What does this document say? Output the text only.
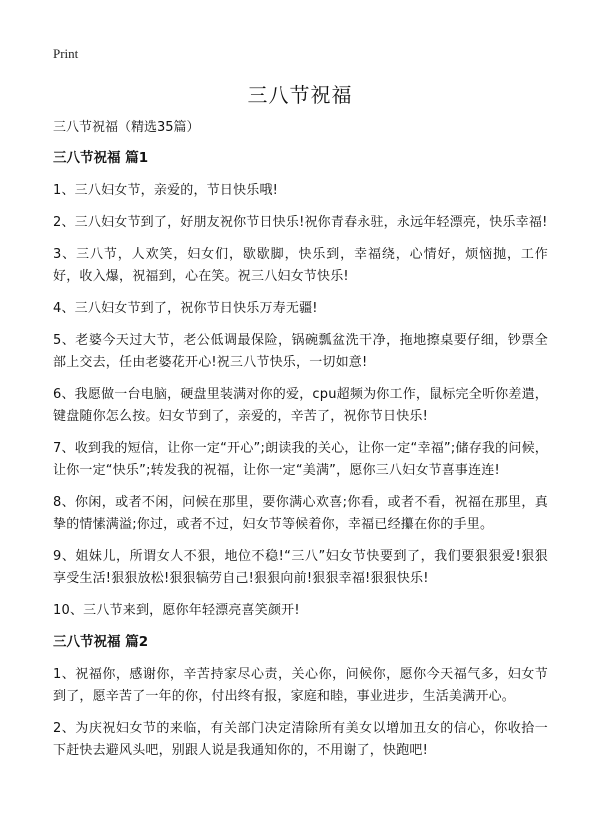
Print
三八节祝福

三八节祝福（精选35篇）

三八节祝福 篇1

1、三八妇女节，亲爱的，节日快乐哦!

2、三八妇女节到了，好朋友祝你节日快乐!祝你青春永驻，永远年轻漂亮，快乐幸福!

3、三八节，人欢笑，妇女们，歇歇脚，快乐到，幸福绕，心情好，烦恼抛，工作好，收入爆，祝福到，心在笑。祝三八妇女节快乐!

4、三八妇女节到了，祝你节日快乐万寿无疆!

5、老婆今天过大节，老公低调最保险，锅碗瓢盆洗干净，拖地擦桌要仔细，钞票全部上交去，任由老婆花开心!祝三八节快乐，一切如意!

6、我愿做一台电脑，硬盘里装满对你的爱，cpu超频为你工作，鼠标完全听你差遣，键盘随你怎么按。妇女节到了，亲爱的，辛苦了，祝你节日快乐!

7、收到我的短信，让你一定“开心”;朗读我的关心，让你一定“幸福”;储存我的问候，让你一定“快乐”;转发我的祝福，让你一定“美满”，愿你三八妇女节喜事连连!

8、你闲，或者不闲，问候在那里，要你满心欢喜;你看，或者不看，祝福在那里，真挚的情愫满溢;你过，或者不过，妇女节等候着你，幸福已经攥在你的手里。

9、姐妹儿，所谓女人不狠，地位不稳!“三八”妇女节快要到了，我们要狠狠爱!狠狠享受生活!狠狠放松!狠狠犒劳自己!狠狠向前!狠狠幸福!狠狠快乐!

10、三八节来到，愿你年轻漂亮喜笑颜开!

三八节祝福 篇2

1、祝福你，感谢你，辛苦持家尽心责，关心你，问候你，愿你今天福气多，妇女节到了，愿辛苦了一年的你，付出终有报，家庭和睦，事业进步，生活美满开心。

2、为庆祝妇女节的来临，有关部门决定清除所有美女以增加丑女的信心，你收拾一下赶快去避风头吧，别跟人说是我通知你的，不用谢了，快跑吧!
